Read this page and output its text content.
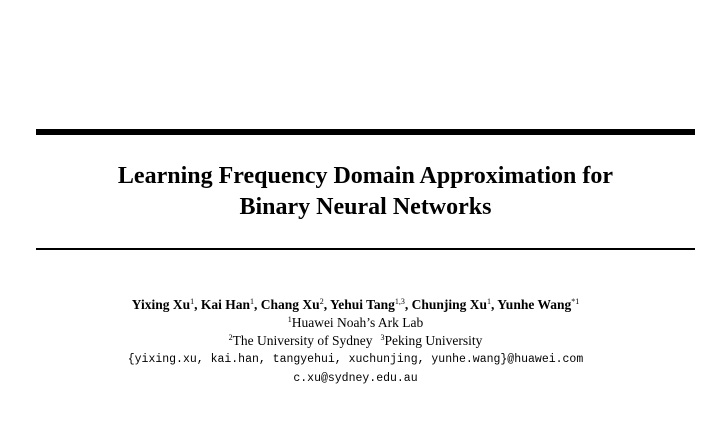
Learning Frequency Domain Approximation for
Binary Neural Networks
Yixing Xu$^1$, Kai Han$^1$, Chang Xu$^2$, Yehui Tang$^{1,3}$, Chunjing Xu$^1$, Yunhe Wang$^{*1}$
$^1$Huawei Noah’s Ark Lab
$^2$The University of Sydney $^3$Peking University
{yixing.xu, kai.han, tangyehui, xuchunjing, yunhe.wang}@huawei.com
c.xu@sydney.edu.au
